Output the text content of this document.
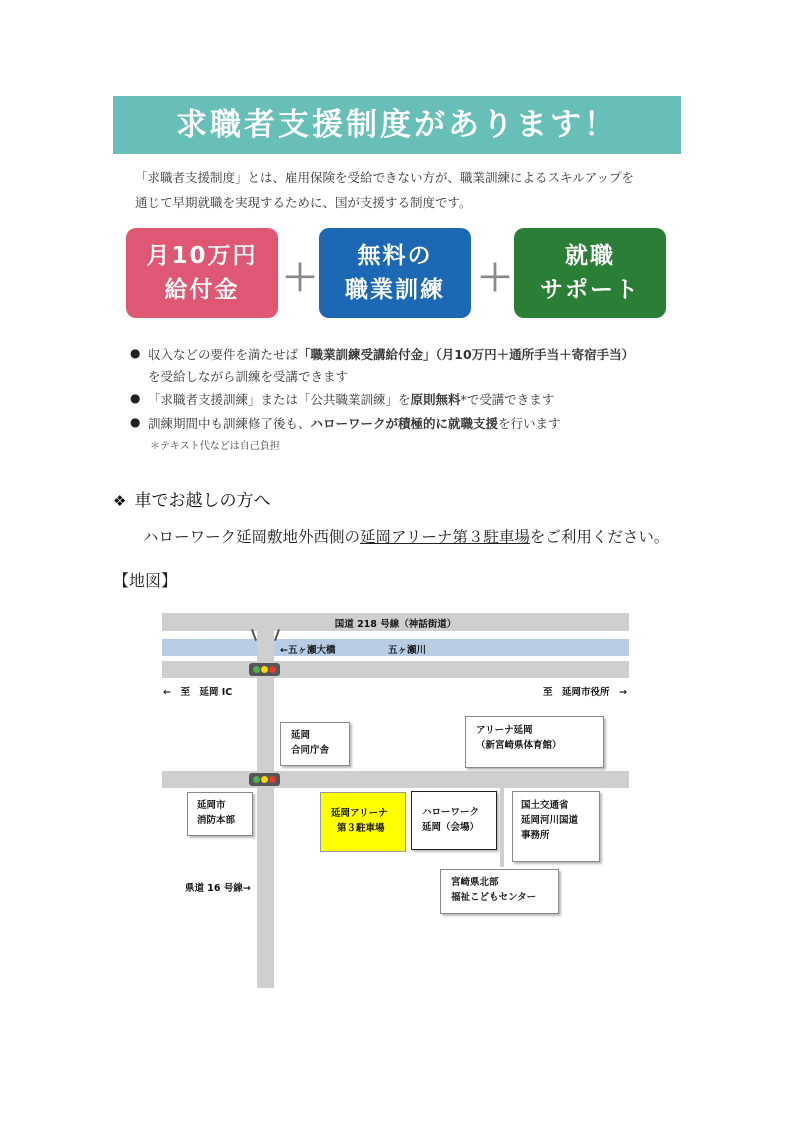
求職者支援制度があります！
「求職者支援制度」とは、雇用保険を受給できない方が、職業訓練によるスキルアップを
通じて早期就職を実現するために、国が支援する制度です。
月10万円
給付金	＋
無料の
職業訓練 ＋
就職
サポート
● 収入などの要件を満たせば「職業訓練受講給付金」（月10万円＋通所手当＋寄宿手当）
を受給しながら訓練を受講できます
● 「求職者支援訓練」または「公共職業訓練」を原則無料*で受講できます
● 訓練期間中も訓練修了後も、ハローワークが積極的に就職支援を行います
＊テキスト代などは自己負担
❖ 車でお越しの方へ
ハローワーク延岡敷地外西側の延岡アリーナ第３駐車場をご利用ください。
【地図】
国道 218 号線（神話街道）
←五ヶ瀬大橋	五ヶ瀬川
←　至　延岡 IC	至　延岡市役所　→
延岡
合同庁舎
アリーナ延岡
（新宮崎県体育館）
延岡市
消防本部
延岡アリーナ
第３駐車場
ハローワーク
延岡（会場）
国土交通省
延岡河川国道
事務所
県道 16 号線→
宮崎県北部
福祉こどもセンター
